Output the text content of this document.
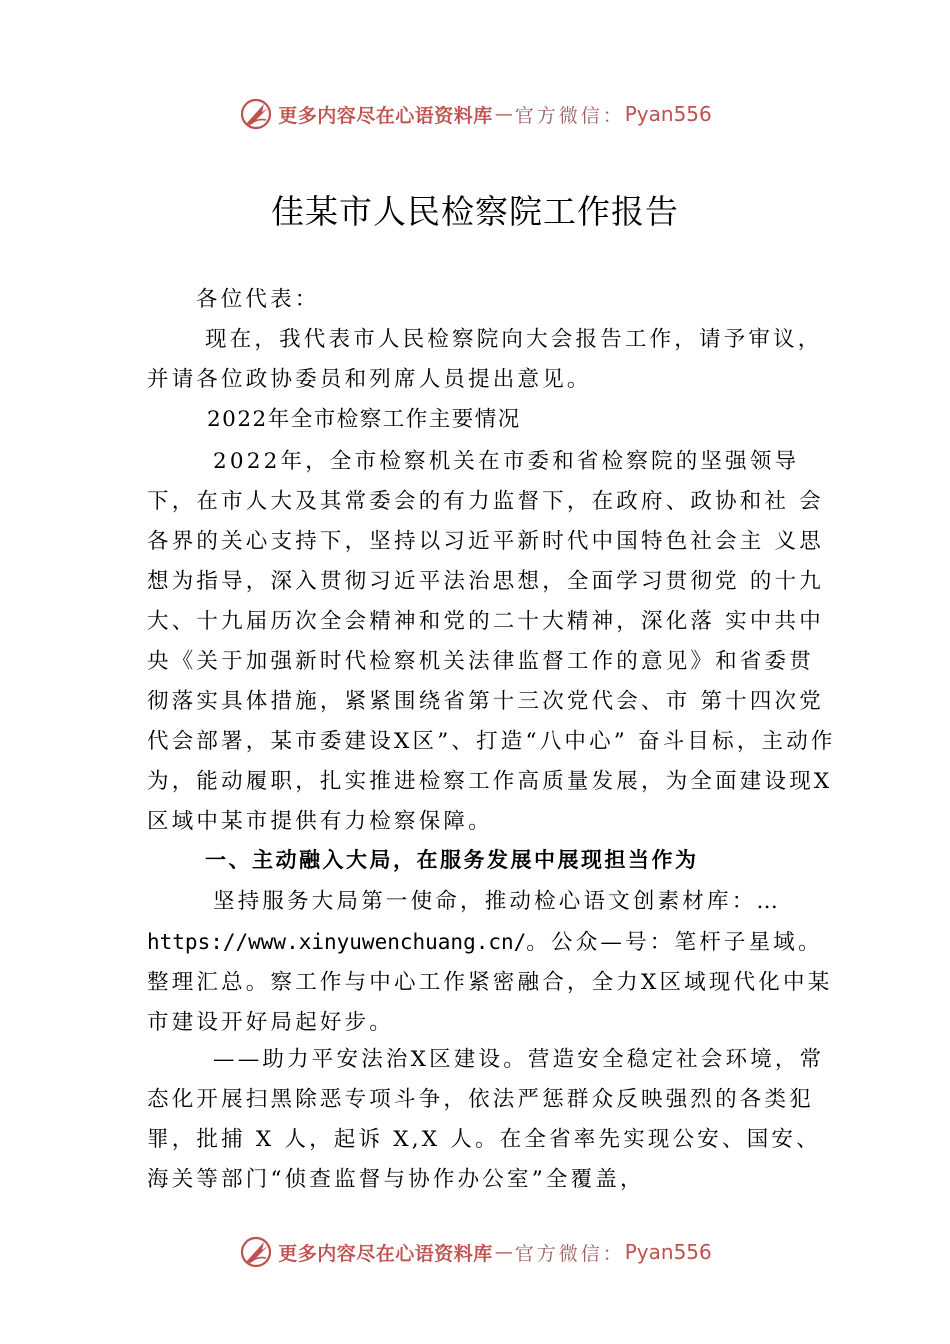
更多内容尽在心语资料库 — 官方微信： Pyan556
佳某市人民检察院工作报告

各位代表：

现在，我代表市人民检察院向大会报告工作，请予审议，并请各位政协委员和列席人员提出意见。

2022年全市检察工作主要情况

2022年，全市检察机关在市委和省检察院的坚强领导下，在市人大及其常委会的有力监督下，在政府、政协和社 会各界的关心支持下，坚持以习近平新时代中国特色社会主 义思想为指导，深入贯彻习近平法治思想，全面学习贯彻党 的十九大、十九届历次全会精神和党的二十大精神，深化落 实中共中央《关于加强新时代检察机关法律监督工作的意见》和省委贯彻落实具体措施，紧紧围绕省第十三次党代会、市 第十四次党代会部署，某市委建设X区”、打造“八中心” 奋斗目标，主动作为，能动履职，扎实推进检察工作高质量发展，为全面建设现X区域中某市提供有力检察保障。

一、主动融入大局，在服务发展中展现担当作为

坚持服务大局第一使命，推动检心语文创素材库：…https://www.xinyuwenchuang.cn/。公众—号：笔杆子星域。整理汇总。察工作与中心工作紧密融合，全力X区域现代化中某市建设开好局起好步。

——助力平安法治X区建设。营造安全稳定社会环境，常态化开展扫黑除恶专项斗争，依法严惩群众反映强烈的各类犯罪，批捕 X 人，起诉 X,X 人。在全省率先实现公安、国安、海关等部门“侦查监督与协作办公室”全覆盖，

更多内容尽在心语资料库 — 官方微信： Pyan556
